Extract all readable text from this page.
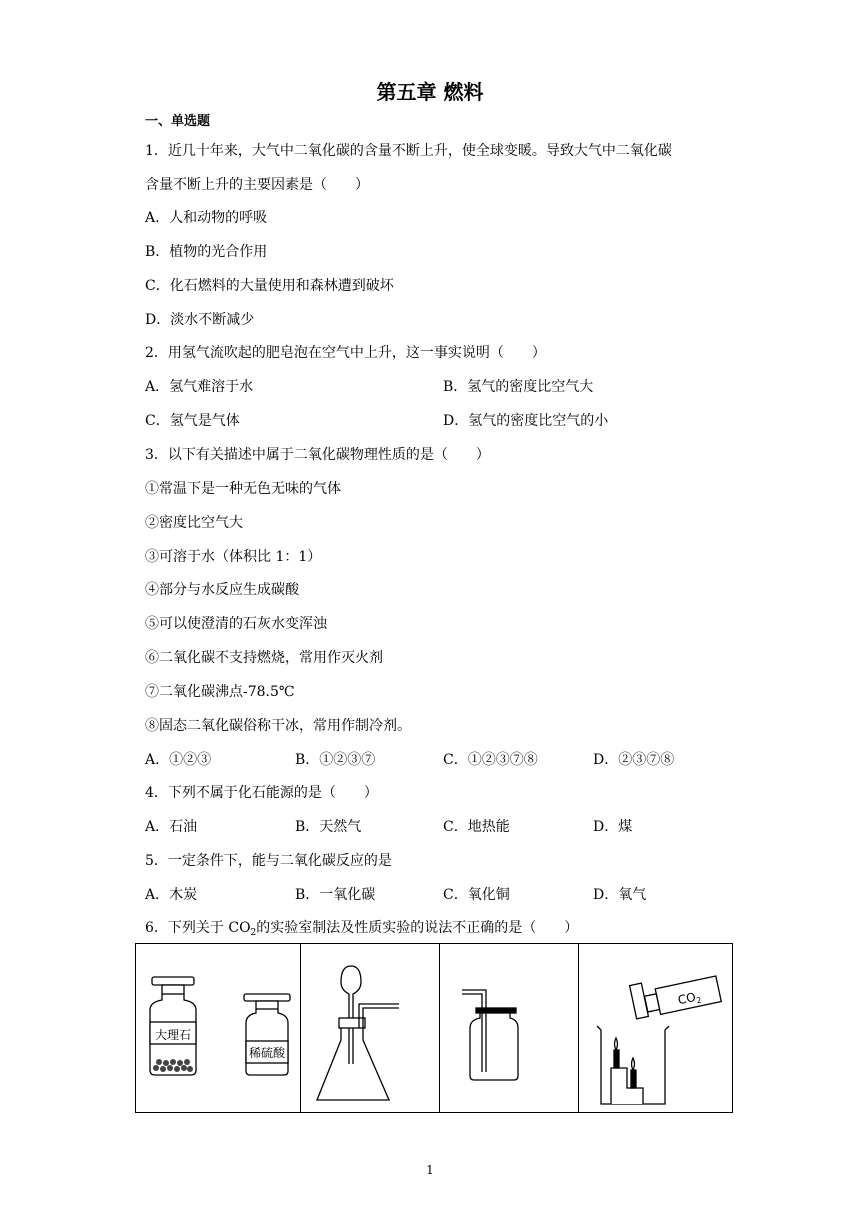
第五章 燃料
一、单选题
1．近几十年来，大气中二氧化碳的含量不断上升，使全球变暖。导致大气中二氧化碳
含量不断上升的主要因素是（　　）
A．人和动物的呼吸
B．植物的光合作用
C．化石燃料的大量使用和森林遭到破坏
D．淡水不断减少
2．用氢气流吹起的肥皂泡在空气中上升，这一事实说明（　　）
A．氢气难溶于水	B．氢气的密度比空气大
C．氢气是气体	D．氢气的密度比空气的小
3．以下有关描述中属于二氧化碳物理性质的是（　　）
①常温下是一种无色无味的气体
②密度比空气大
③可溶于水（体积比 1：1）
④部分与水反应生成碳酸
⑤可以使澄清的石灰水变浑浊
⑥二氧化碳不支持燃烧，常用作灭火剂
⑦二氧化碳沸点-78.5℃
⑧固态二氧化碳俗称干冰，常用作制冷剂。
A．①②③	B．①②③⑦	C．①②③⑦⑧	D．②③⑦⑧
4．下列不属于化石能源的是（　　）
A．石油	B．天然气	C．地热能	D．煤
5．一定条件下，能与二氧化碳反应的是
A．木炭	B．一氧化碳	C．氧化铜	D．氧气
6．下列关于 $CO_2$的实验室制法及性质实验的说法不正确的是（　　）
大理石
稀硫酸
$CO_2$
1
